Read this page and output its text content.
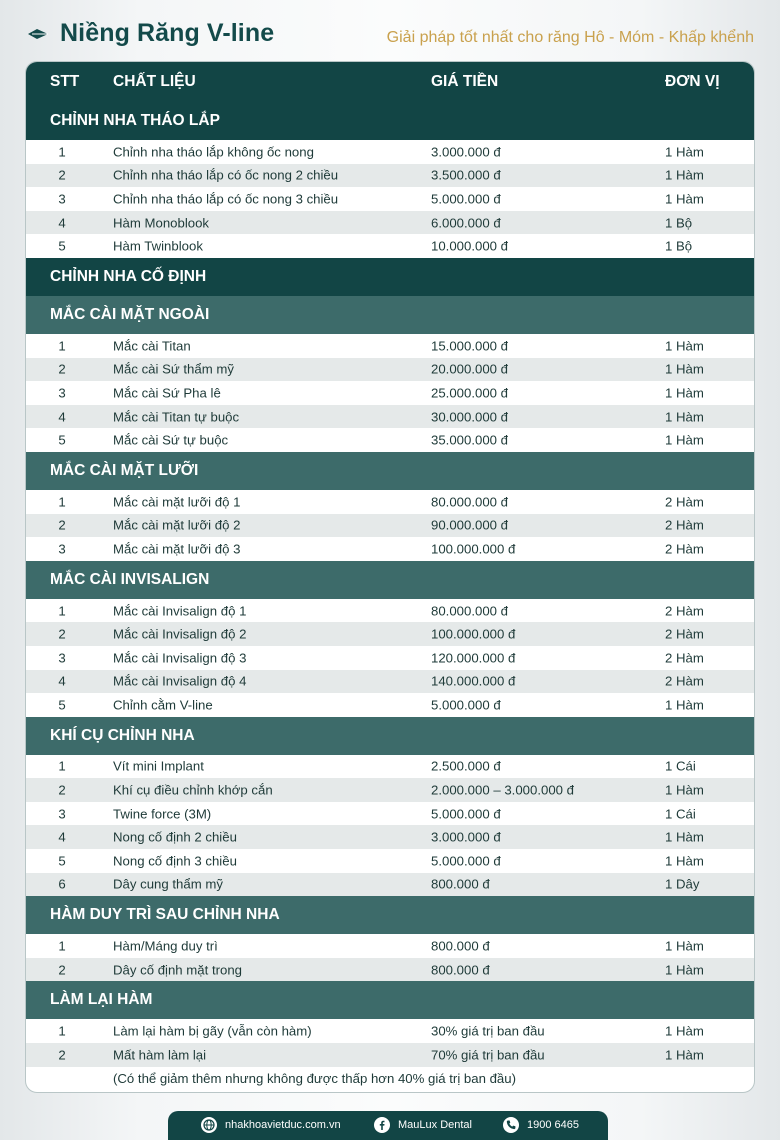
Niềng Răng V-line	Giải pháp tốt nhất cho răng Hô - Móm - Khấp khểnh
STT CHẤT LIỆU	GIÁ TIỀN	ĐƠN VỊ
CHỈNH NHA THÁO LẮP
1	Chỉnh nha tháo lắp không ốc nong	3.000.000 đ	1 Hàm
2	Chỉnh nha tháo lắp có ốc nong 2 chiều	3.500.000 đ	1 Hàm
3	Chỉnh nha tháo lắp có ốc nong 3 chiều	5.000.000 đ	1 Hàm
4	Hàm Monoblook	6.000.000 đ	1 Bộ
5	Hàm Twinblook	10.000.000 đ	1 Bộ
CHỈNH NHA CỐ ĐỊNH
MẮC CÀI MẶT NGOÀI
1	Mắc cài Titan	15.000.000 đ	1 Hàm
2	Mắc cài Sứ thẩm mỹ	20.000.000 đ	1 Hàm
3	Mắc cài Sứ Pha lê	25.000.000 đ	1 Hàm
4	Mắc cài Titan tự buộc	30.000.000 đ	1 Hàm
5	Mắc cài Sứ tự buộc	35.000.000 đ	1 Hàm
MẮC CÀI MẶT LƯỠI
1	Mắc cài mặt lưỡi độ 1	80.000.000 đ	2 Hàm
2	Mắc cài mặt lưỡi độ 2	90.000.000 đ	2 Hàm
3	Mắc cài mặt lưỡi độ 3	100.000.000 đ	2 Hàm
MẮC CÀI INVISALIGN
1	Mắc cài Invisalign độ 1	80.000.000 đ	2 Hàm
2	Mắc cài Invisalign độ 2	100.000.000 đ	2 Hàm
3	Mắc cài Invisalign độ 3	120.000.000 đ	2 Hàm
4	Mắc cài Invisalign độ 4	140.000.000 đ	2 Hàm
5	Chỉnh cằm V-line	5.000.000 đ	1 Hàm
KHÍ CỤ CHỈNH NHA
1	Vít mini Implant	2.500.000 đ	1 Cái
2	Khí cụ điều chỉnh khớp cắn	2.000.000 – 3.000.000 đ	1 Hàm
3	Twine force (3M)	5.000.000 đ	1 Cái
4	Nong cố định 2 chiều	3.000.000 đ	1 Hàm
5	Nong cố định 3 chiều	5.000.000 đ	1 Hàm
6	Dây cung thẩm mỹ	800.000 đ	1 Dây
HÀM DUY TRÌ SAU CHỈNH NHA
1	Hàm/Máng duy trì	800.000 đ	1 Hàm
2	Dây cố định mặt trong	800.000 đ	1 Hàm
LÀM LẠI HÀM
1	Làm lại hàm bị gãy (vẫn còn hàm)	30% giá trị ban đầu	1 Hàm
2	Mất hàm làm lại	70% giá trị ban đầu	1 Hàm
(Có thể giảm thêm nhưng không được thấp hơn 40% giá trị ban đầu)
nhakhoavietduc.com.vn	MauLux Dental	1900 6465
